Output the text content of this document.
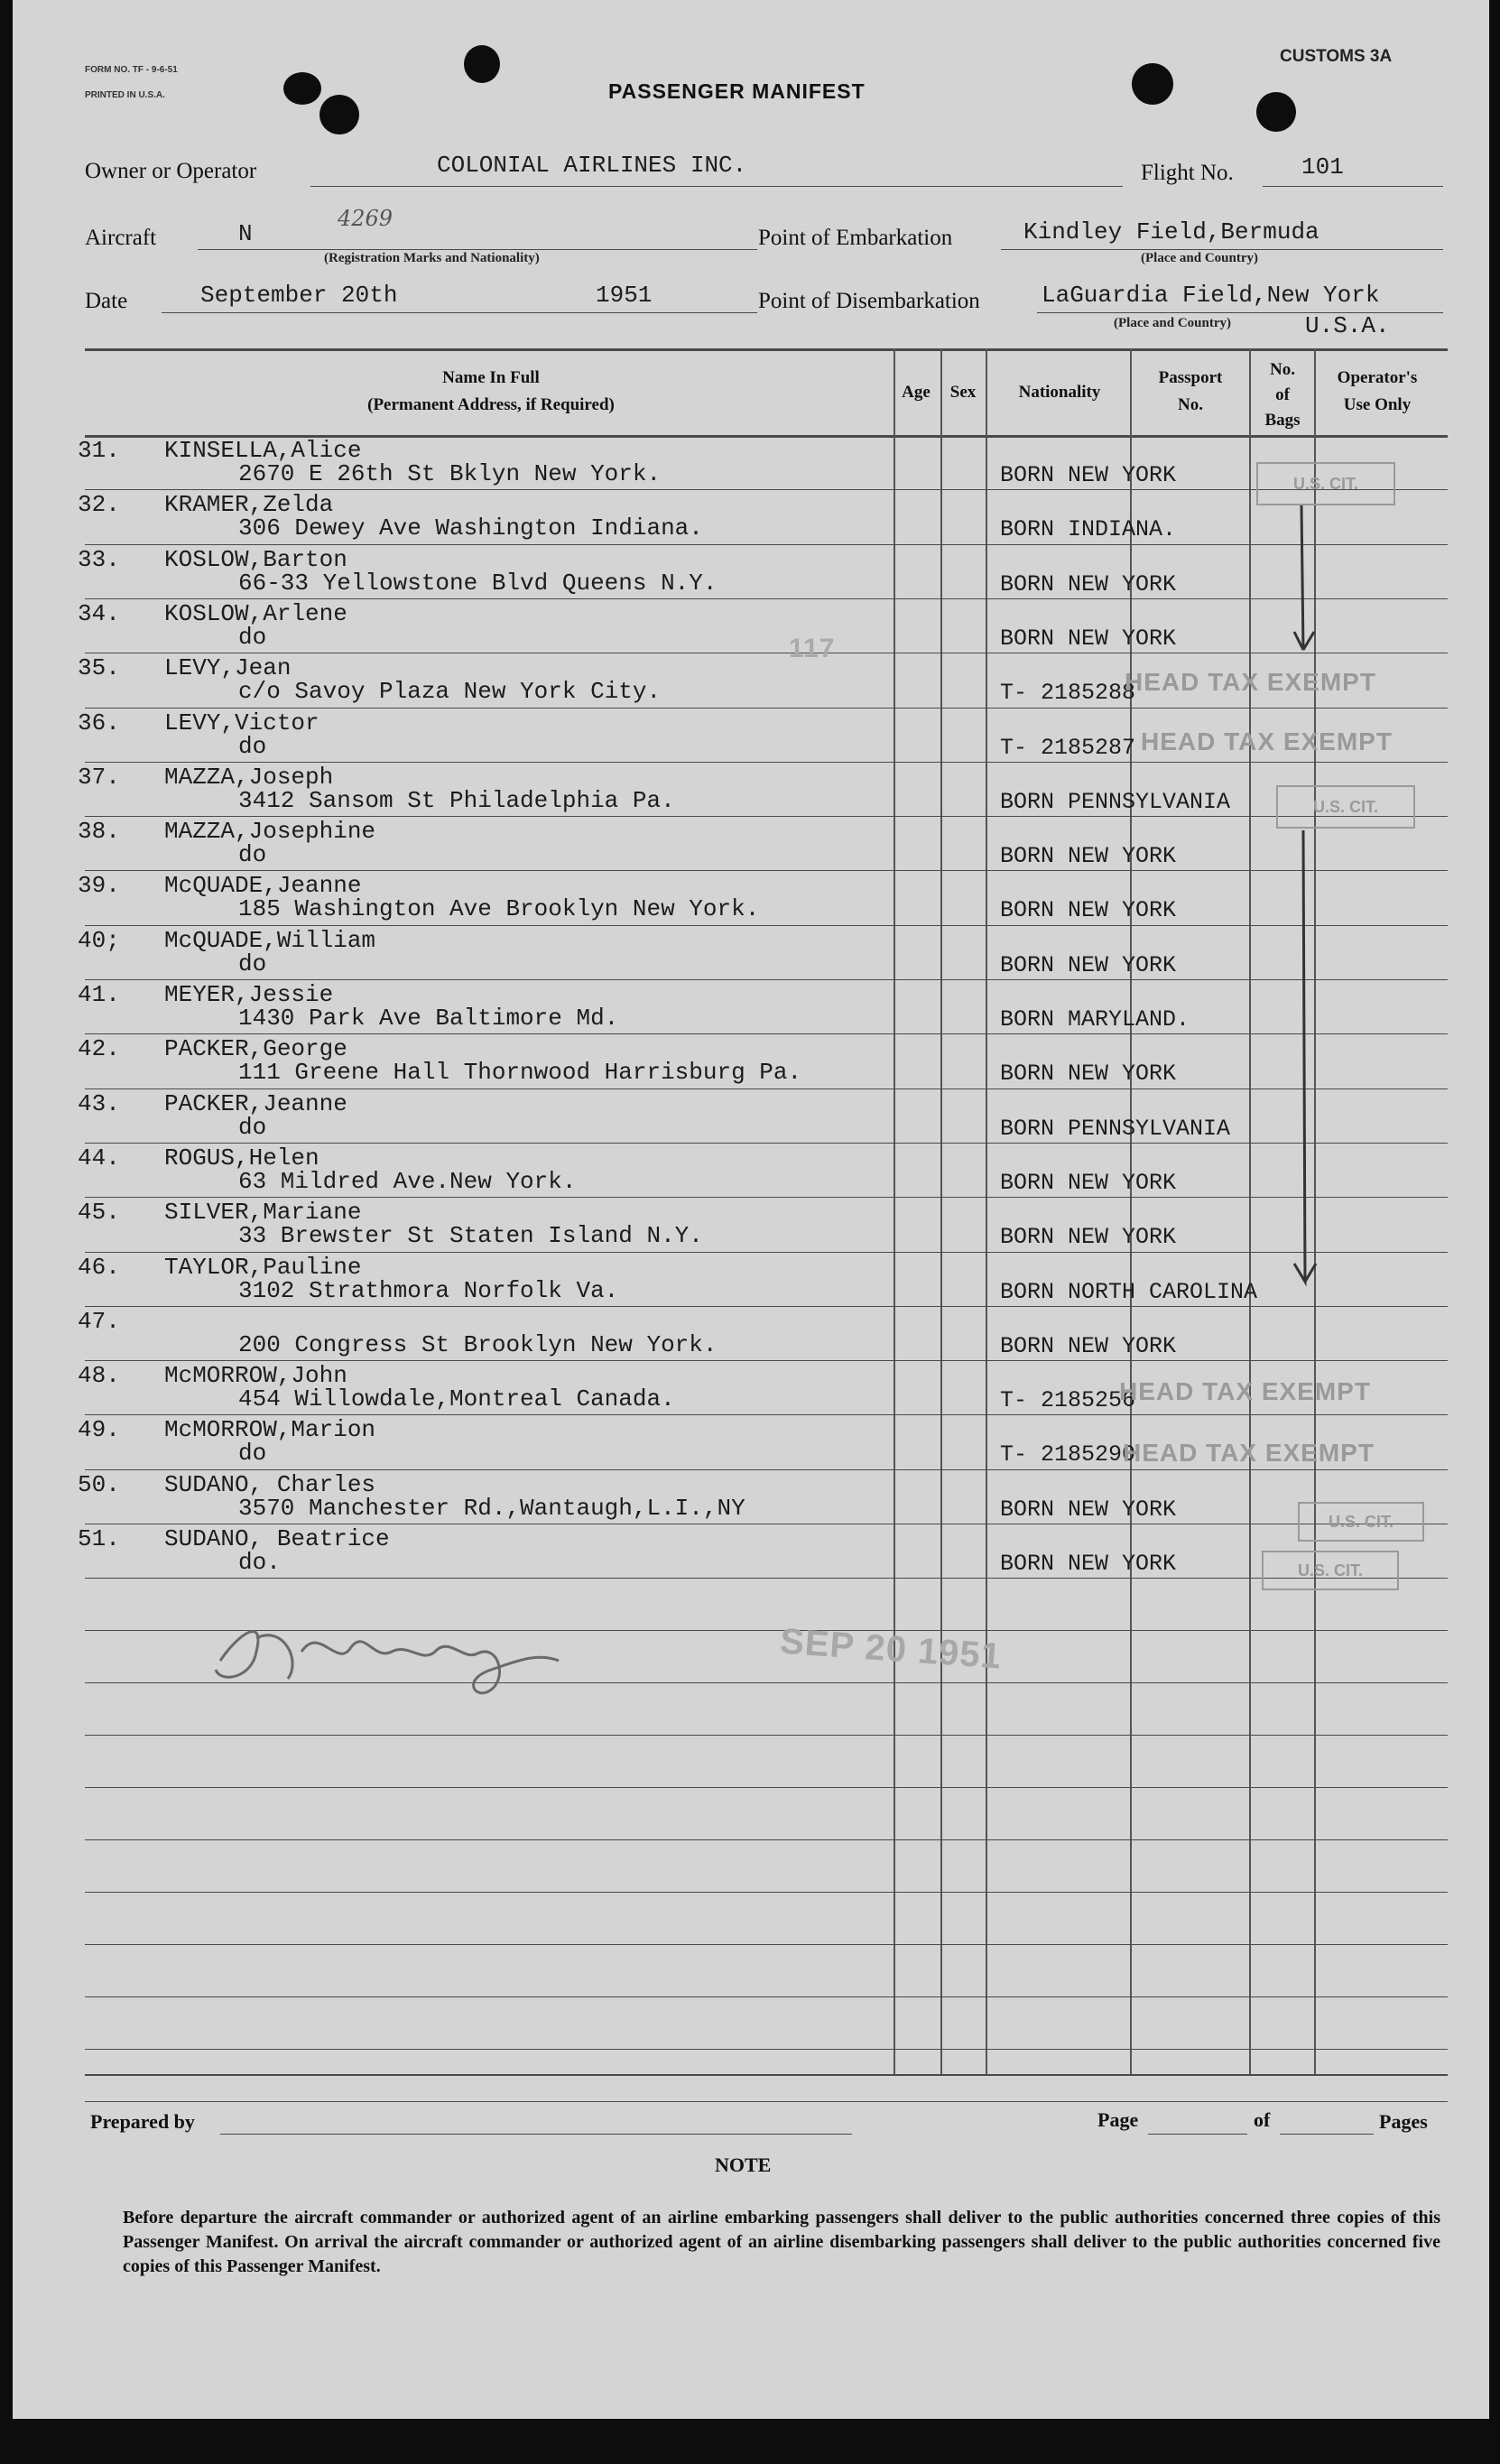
FORM NO. TF - 9-6-51
PRINTED IN U.S.A.	PASSENGER MANIFEST
CUSTOMS 3A
Owner or Operator	COLONIAL AIRLINES INC.	Flight No.	101
Aircraft	N
4269
(Registration Marks and Nationality)
Point of Embarkation	Kindley Field,Bermuda
(Place and Country)
Date	September 20th	1951	Point of Disembarkation	LaGuardia Field,New York
(Place and Country)	U.S.A.
Name In Full
(Permanent Address, if Required)
Age	Sex	Nationality
Passport
No.
No.
of
Bags
Operator's
Use Only
31. KINSELLA,Alice
2670 E 26th St Bklyn New York.	BORN NEW YORK
32. KRAMER,Zelda
306 Dewey Ave Washington Indiana.	BORN INDIANA.
33. KOSLOW,Barton
66-33 Yellowstone Blvd Queens N.Y.	BORN NEW YORK
34. KOSLOW,Arlene
do	BORN NEW YORK
35. LEVY,Jean
c/o Savoy Plaza New York City.	T- 2185288
36. LEVY,Victor
do	T- 2185287
37. MAZZA,Joseph
3412 Sansom St Philadelphia Pa.	BORN PENNSYLVANIA
38. MAZZA,Josephine
do	BORN NEW YORK
39. McQUADE,Jeanne
185 Washington Ave Brooklyn New York.	BORN NEW YORK
40; McQUADE,William
do	BORN NEW YORK
41. MEYER,Jessie
1430 Park Ave Baltimore Md.	BORN MARYLAND.
42. PACKER,George
111 Greene Hall Thornwood Harrisburg Pa.	BORN NEW YORK
43. PACKER,Jeanne
do	BORN PENNSYLVANIA
44. ROGUS,Helen
63 Mildred Ave.New York.	BORN NEW YORK
45. SILVER,Mariane
33 Brewster St Staten Island N.Y.	BORN NEW YORK
46. TAYLOR,Pauline
3102 Strathmora Norfolk Va.	BORN NORTH CAROLINA
47.
200 Congress St Brooklyn New York.	BORN NEW YORK
48. McMORROW,John
454 Willowdale,Montreal Canada.	T- 2185256
49. McMORROW,Marion
do	T- 2185290
50. SUDANO, Charles
3570 Manchester Rd.,Wantaugh,L.I.,NY	BORN NEW YORK
51. SUDANO, Beatrice
do.	BORN NEW YORK
U.S. CIT.
U.S. CIT.
U.S. CIT.
U.S. CIT.
HEAD TAX EXEMPT
HEAD TAX EXEMPT
HEAD TAX EXEMPT
HEAD TAX EXEMPT
SEP 20 1951
117
Prepared by	Page	of	Pages
NOTE
Before departure the aircraft commander or authorized agent of an airline embarking passengers shall deliver to the public authorities concerned three copies of this Passenger Manifest. On arrival the aircraft commander or authorized agent of an airline disembarking passengers shall deliver to the public authorities concerned five copies of this Passenger Manifest.
